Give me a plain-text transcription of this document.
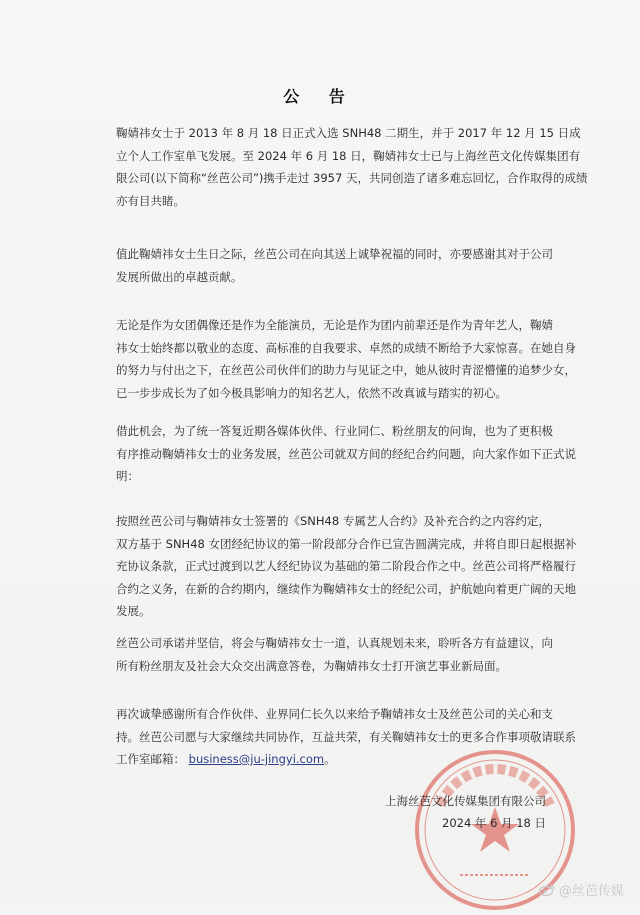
公 告
鞠婧祎女士于 2013 年 8 月 18 日正式入选 SNH48 二期生，并于 2017 年 12 月 15 日成
立个人工作室单飞发展。至 2024 年 6 月 18 日，鞠婧祎女士已与上海丝芭文化传媒集团有
限公司(以下简称“丝芭公司”)携手走过 3957 天，共同创造了诸多难忘回忆，合作取得的成绩
亦有目共睹。
值此鞠婧祎女士生日之际，丝芭公司在向其送上诚挚祝福的同时，亦要感谢其对于公司
发展所做出的卓越贡献。
无论是作为女团偶像还是作为全能演员，无论是作为团内前辈还是作为青年艺人，鞠婧
祎女士始终都以敬业的态度、高标准的自我要求、卓然的成绩不断给予大家惊喜。在她自身
的努力与付出之下，在丝芭公司伙伴们的助力与见证之中，她从彼时青涩懵懂的追梦少女，
已一步步成长为了如今极具影响力的知名艺人，依然不改真诚与踏实的初心。
借此机会，为了统一答复近期各媒体伙伴、行业同仁、粉丝朋友的问询，也为了更积极
有序推动鞠婧祎女士的业务发展，丝芭公司就双方间的经纪合约问题，向大家作如下正式说
明：
按照丝芭公司与鞠婧祎女士签署的《SNH48 专属艺人合约》及补充合约之内容约定，
双方基于 SNH48 女团经纪协议的第一阶段部分合作已宣告圆满完成，并将自即日起根据补
充协议条款，正式过渡到以艺人经纪协议为基础的第二阶段合作之中。丝芭公司将严格履行
合约之义务，在新的合约期内，继续作为鞠婧祎女士的经纪公司，护航她向着更广阔的天地
发展。
丝芭公司承诺并坚信，将会与鞠婧祎女士一道，认真规划未来，聆听各方有益建议，向
所有粉丝朋友及社会大众交出满意答卷，为鞠婧祎女士打开演艺事业新局面。
再次诚挚感谢所有合作伙伴、业界同仁长久以来给予鞠婧祎女士及丝芭公司的关心和支
持。丝芭公司愿与大家继续共同协作，互益共荣，有关鞠婧祎女士的更多合作事项敬请联系
工作室邮箱： business@ju-jingyi.com。
上海丝芭文化传媒集团有限公司
2024 年 6 月 18 日
@丝芭传媒
